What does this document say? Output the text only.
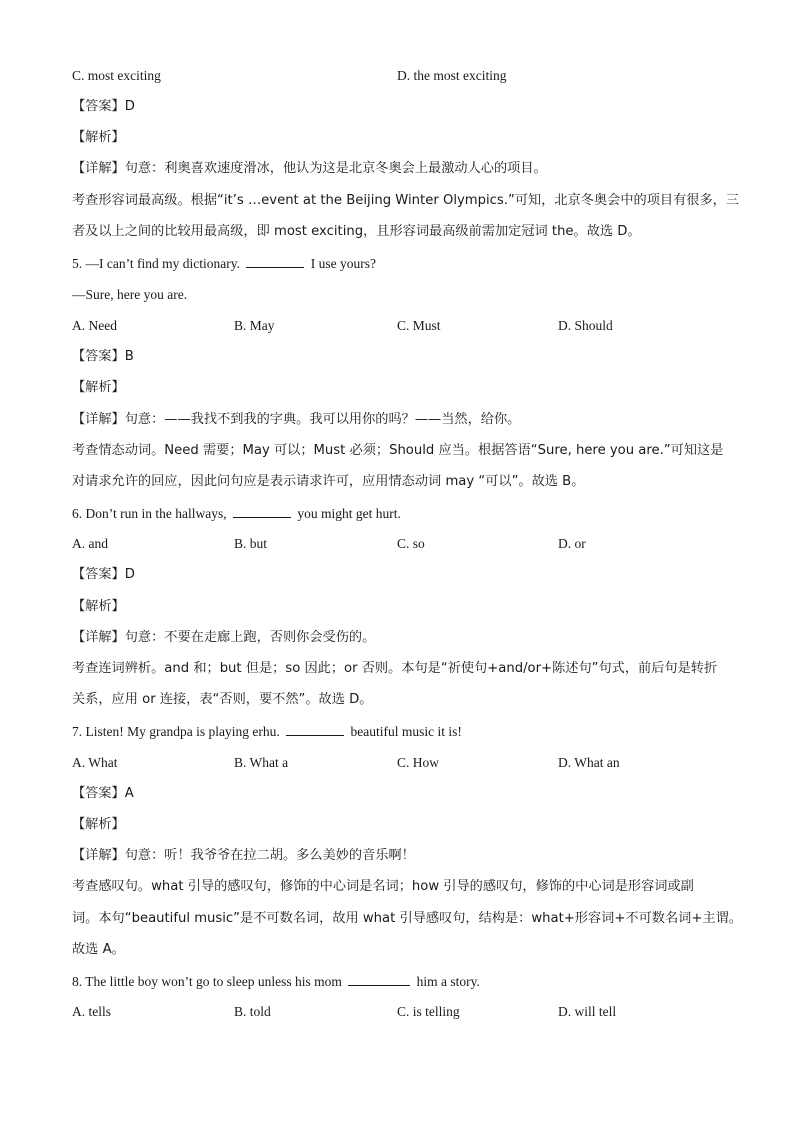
C. most exciting	D. the most exciting
【答案】D
【解析】
【详解】句意：利奥喜欢速度滑冰，他认为这是北京冬奥会上最激动人心的项目。
考查形容词最高级。根据“it’s …event at the Beijing Winter Olympics.”可知，北京冬奥会中的项目有很多，三
者及以上之间的比较用最高级，即 most exciting，且形容词最高级前需加定冠词 the。故选 D。
5. —I can’t find my dictionary.	I use yours?
—Sure, here you are.
A. Need	B. May	C. Must	D. Should
【答案】B
【解析】
【详解】句意：——我找不到我的字典。我可以用你的吗？——当然，给你。
考查情态动词。Need 需要；May 可以；Must 必须；Should 应当。根据答语“Sure, here you are.”可知这是
对请求允许的回应，因此问句应是表示请求许可，应用情态动词 may “可以”。故选 B。
6. Don’t run in the hallways,	you might get hurt.
A. and	B. but	C. so	D. or
【答案】D
【解析】
【详解】句意：不要在走廊上跑，否则你会受伤的。
考查连词辨析。and 和；but 但是；so 因此；or 否则。本句是“祈使句+and/or+陈述句”句式，前后句是转折
关系，应用 or 连接，表“否则，要不然”。故选 D。
7. Listen! My grandpa is playing erhu.	beautiful music it is!
A. What	B. What a	C. How	D. What an
【答案】A
【解析】
【详解】句意：听！我爷爷在拉二胡。多么美妙的音乐啊！
考查感叹句。what 引导的感叹句，修饰的中心词是名词；how 引导的感叹句，修饰的中心词是形容词或副
词。本句“beautiful music”是不可数名词，故用 what 引导感叹句，结构是：what+形容词+不可数名词+主谓。
故选 A。
8. The little boy won’t go to sleep unless his mom	him a story.
A. tells	B. told	C. is telling	D. will tell
